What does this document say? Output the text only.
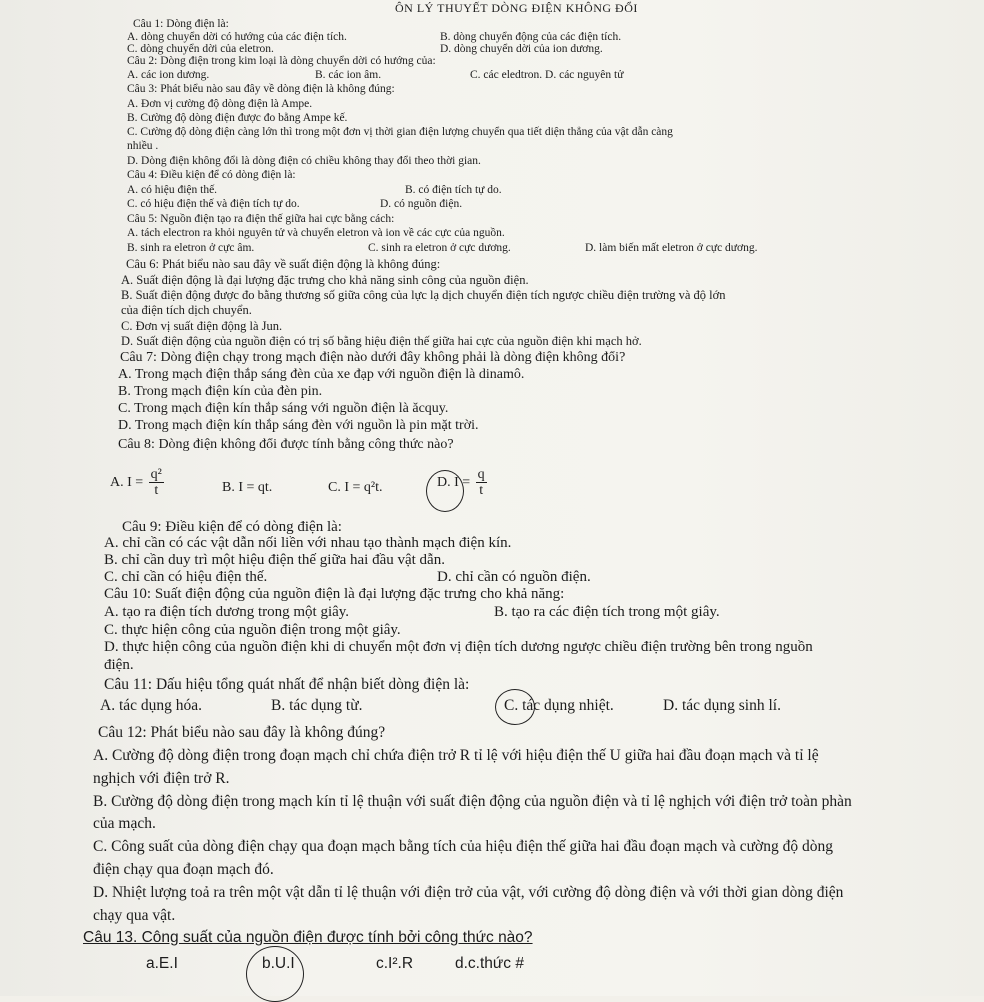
ÔN LÝ THUYẾT DÒNG ĐIỆN KHÔNG ĐỔI
Câu 1: Dòng điện là:
A. dòng chuyển dời có hướng của các điện tích.	B. dòng chuyển động của các điện tích.
C. dòng chuyển dời của eletron.	D. dòng chuyển dời của ion dương.
Câu 2: Dòng điện trong kim loại là dòng chuyển dời có hướng của:
A. các ion dương.	B. các ion âm.	C. các eledtron. D. các nguyên tử
Câu 3: Phát biểu nào sau đây về dòng điện là không đúng:
A. Đơn vị cường độ dòng điện là Ampe.
B. Cường độ dòng điện được đo bằng Ampe kế.
C. Cường độ dòng điện càng lớn thì trong một đơn vị thời gian điện lượng chuyển qua tiết diện thẳng của vật dẫn càng
nhiều .
D. Dòng điện không đổi là dòng điện có chiều không thay đổi theo thời gian.
Câu 4: Điều kiện để có dòng điện là:
A. có hiệu điện thế.	B. có điện tích tự do.
C. có hiệu điện thế và điện tích tự do.	D. có nguồn điện.
Câu 5: Nguồn điện tạo ra điện thế giữa hai cực bằng cách:
A. tách electron ra khỏi nguyên tử và chuyển eletron và ion về các cực của nguồn.
B. sinh ra eletron ở cực âm.	C. sinh ra eletron ở cực dương.	D. làm biến mất eletron ở cực dương.
Câu 6: Phát biểu nào sau đây về suất điện động là không đúng:
A. Suất điện động là đại lượng đặc trưng cho khả năng sinh công của nguồn điện.
B. Suất điện động được đo bằng thương số giữa công của lực lạ dịch chuyển điện tích ngược chiều điện trường và độ lớn
của điện tích dịch chuyển.
C. Đơn vị suất điện động là Jun.
D. Suất điện động của nguồn điện có trị số bằng hiệu điện thế giữa hai cực của nguồn điện khi mạch hở.
Câu 7: Dòng điện chạy trong mạch điện nào dưới đây không phải là dòng điện không đổi?
A. Trong mạch điện thắp sáng đèn của xe đạp với nguồn điện là dinamô.
B. Trong mạch điện kín của đèn pin.
C. Trong mạch điện kín thắp sáng với nguồn điện là ăcquy.
D. Trong mạch điện kín thắp sáng đèn với nguồn là pin mặt trời.
Câu 8: Dòng điện không đổi được tính bằng công thức nào?
A. $I = \frac{\text{q²}}{t}$	B. I = qt.	C. I = q²t.	D. $I = \frac{q}{t}$
Câu 9: Điều kiện để có dòng điện là:
A. chỉ cần có các vật dẫn nối liền với nhau tạo thành mạch điện kín.
B. chỉ cần duy trì một hiệu điện thế giữa hai đầu vật dẫn.
C. chỉ cần có hiệu điện thế.	D. chỉ cần có nguồn điện.
Câu 10: Suất điện động của nguồn điện là đại lượng đặc trưng cho khả năng:
A. tạo ra điện tích dương trong một giây.	B. tạo ra các điện tích trong một giây.
C. thực hiện công của nguồn điện trong một giây.
D. thực hiện công của nguồn điện khi di chuyển một đơn vị điện tích dương ngược chiều điện trường bên trong nguồn
điện.
Câu 11: Dấu hiệu tổng quát nhất để nhận biết dòng điện là:
A. tác dụng hóa.	B. tác dụng từ.	C. tác dụng nhiệt.	D. tác dụng sinh lí.
Câu 12: Phát biểu nào sau đây là không đúng?
A. Cường độ dòng điện trong đoạn mạch chỉ chứa điện trở R tỉ lệ với hiệu điện thế U giữa hai đầu đoạn mạch và tỉ lệ
nghịch với điện trở R.
B. Cường độ dòng điện trong mạch kín tỉ lệ thuận với suất điện động của nguồn điện và tỉ lệ nghịch với điện trở toàn phàn
của mạch.
C. Công suất của dòng điện chạy qua đoạn mạch bằng tích của hiệu điện thế giữa hai đầu đoạn mạch và cường độ dòng
điện chạy qua đoạn mạch đó.
D. Nhiệt lượng toả ra trên một vật dẫn tỉ lệ thuận với điện trở của vật, với cường độ dòng điện và với thời gian dòng điện
chạy qua vật.
Câu 13. Công suất của nguồn điện được tính bởi công thức nào?
a.E.I	b.U.I	c.I².R	d.c.thức #
